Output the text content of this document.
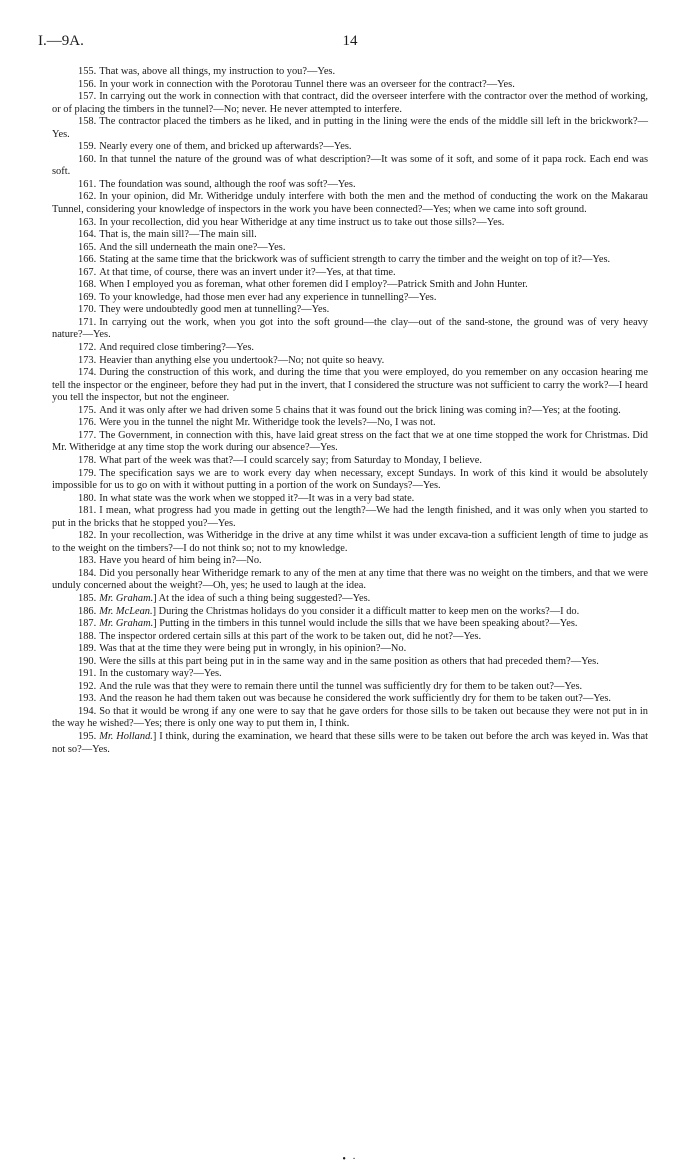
I.—9A.	14

155. That was, above all things, my instruction to you?—Yes.

156. In your work in connection with the Porotorau Tunnel there was an overseer for the contract?—Yes.

157. In carrying out the work in connection with that contract, did the overseer interfere with the contractor over the method of working, or of placing the timbers in the tunnel?—No; never. He never attempted to interfere.

158. The contractor placed the timbers as he liked, and in putting in the lining were the ends of the middle sill left in the brickwork?—Yes.

159. Nearly every one of them, and bricked up afterwards?—Yes.

160. In that tunnel the nature of the ground was of what description?—It was some of it soft, and some of it papa rock. Each end was soft.

161. The foundation was sound, although the roof was soft?—Yes.

162. In your opinion, did Mr. Witheridge unduly interfere with both the men and the method of conducting the work on the Makarau Tunnel, considering your knowledge of inspectors in the work you have been connected?—Yes; when we came into soft ground.

163. In your recollection, did you hear Witheridge at any time instruct us to take out those sills?—Yes.

164. That is, the main sill?—The main sill.

165. And the sill underneath the main one?—Yes.

166. Stating at the same time that the brickwork was of sufficient strength to carry the timber and the weight on top of it?—Yes.

167. At that time, of course, there was an invert under it?—Yes, at that time.

168. When I employed you as foreman, what other foremen did I employ?—Patrick Smith and John Hunter.

169. To your knowledge, had those men ever had any experience in tunnelling?—Yes.

170. They were undoubtedly good men at tunnelling?—Yes.

171. In carrying out the work, when you got into the soft ground—the clay—out of the sand-stone, the ground was of very heavy nature?—Yes.

172. And required close timbering?—Yes.

173. Heavier than anything else you undertook?—No; not quite so heavy.

174. During the construction of this work, and during the time that you were employed, do you remember on any occasion hearing me tell the inspector or the engineer, before they had put in the invert, that I considered the structure was not sufficient to carry the work?—I heard you tell the inspector, but not the engineer.

175. And it was only after we had driven some 5 chains that it was found out the brick lining was coming in?—Yes; at the footing.

176. Were you in the tunnel the night Mr. Witheridge took the levels?—No, I was not.

177. The Government, in connection with this, have laid great stress on the fact that we at one time stopped the work for Christmas. Did Mr. Witheridge at any time stop the work during our absence?—Yes.

178. What part of the week was that?—I could scarcely say; from Saturday to Monday, I believe.

179. The specification says we are to work every day when necessary, except Sundays. In work of this kind it would be absolutely impossible for us to go on with it without putting in a portion of the work on Sundays?—Yes.

180. In what state was the work when we stopped it?—It was in a very bad state.

181. I mean, what progress had you made in getting out the length?—We had the length finished, and it was only when you started to put in the bricks that he stopped you?—Yes.

182. In your recollection, was Witheridge in the drive at any time whilst it was under excava-tion a sufficient length of time to judge as to the weight on the timbers?—I do not think so; not to my knowledge.

183. Have you heard of him being in?—No.

184. Did you personally hear Witheridge remark to any of the men at any time that there was no weight on the timbers, and that we were unduly concerned about the weight?—Oh, yes; he used to laugh at the idea.

185. Mr. Graham.] At the idea of such a thing being suggested?—Yes.

186. Mr. McLean.] During the Christmas holidays do you consider it a difficult matter to keep men on the works?—I do.

187. Mr. Graham.] Putting in the timbers in this tunnel would include the sills that we have been speaking about?—Yes.

188. The inspector ordered certain sills at this part of the work to be taken out, did he not?—Yes.

189. Was that at the time they were being put in wrongly, in his opinion?—No.

190. Were the sills at this part being put in in the same way and in the same position as others that had preceded them?—Yes.

191. In the customary way?—Yes.

192. And the rule was that they were to remain there until the tunnel was sufficiently dry for them to be taken out?—Yes.

193. And the reason he had them taken out was because he considered the work sufficiently dry for them to be taken out?—Yes.

194. So that it would be wrong if any one were to say that he gave orders for those sills to be taken out because they were not put in in the way he wished?—Yes; there is only one way to put them in, I think.

195. Mr. Holland.] I think, during the examination, we heard that these sills were to be taken out before the arch was keyed in. Was that not so?—Yes.

• ·
